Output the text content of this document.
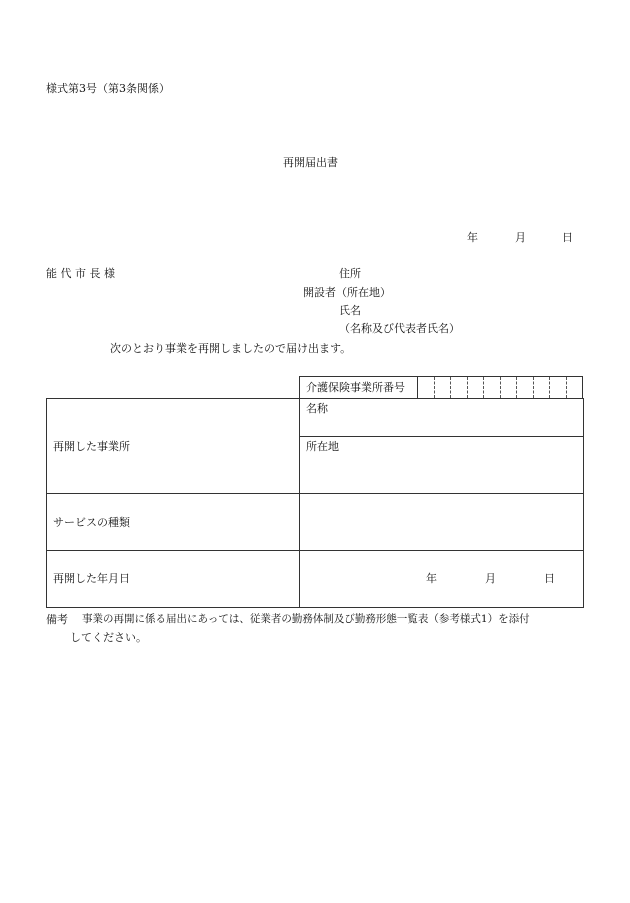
様式第3号（第3条関係）
再開届出書
年	月	日
能 代 市 長 様	住所
開設者（所在地）
氏名
（名称及び代表者氏名）
次のとおり事業を再開しましたので届け出ます。
介護保険事業所番号
再開した事業所	名称

	所在地

サービスの種類	

再開した年月日	年 月 日
備考 事業の再開に係る届出にあっては、従業者の勤務体制及び勤務形態一覧表（参考様式1）を添付
してください。
